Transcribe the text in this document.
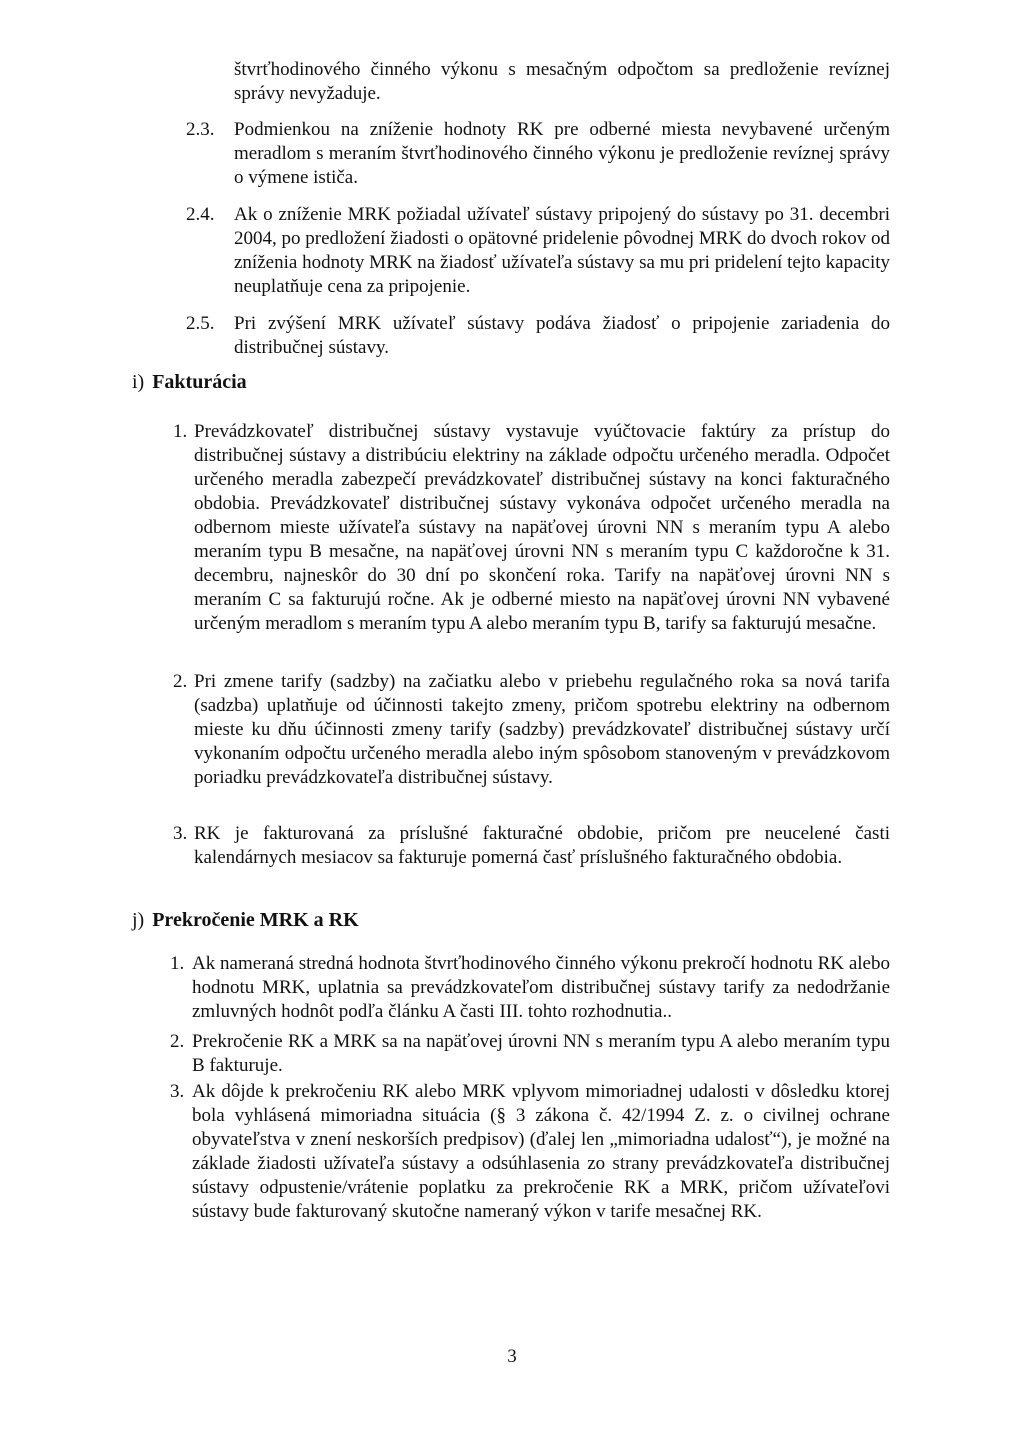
štvrťhodinového činného výkonu s mesačným odpočtom sa predloženie revíznej správy nevyžaduje.
2.3. Podmienkou na zníženie hodnoty RK pre odberné miesta nevybavené určeným meradlom s meraním štvrťhodinového činného výkonu je predloženie revíznej správy o výmene ističa.
2.4. Ak o zníženie MRK požiadal užívateľ sústavy pripojený do sústavy po 31. decembri 2004, po predložení žiadosti o opätovné pridelenie pôvodnej MRK do dvoch rokov od zníženia hodnoty MRK na žiadosť užívateľa sústavy sa mu pri pridelení tejto kapacity neuplatňuje cena za pripojenie.
2.5. Pri zvýšení MRK užívateľ sústavy podáva žiadosť o pripojenie zariadenia do distribučnej sústavy.
i) Fakturácia
1. Prevádzkovateľ distribučnej sústavy vystavuje vyúčtovacie faktúry za prístup do distribučnej sústavy a distribúciu elektriny na základe odpočtu určeného meradla. Odpočet určeného meradla zabezpečí prevádzkovateľ distribučnej sústavy na konci fakturačného obdobia. Prevádzkovateľ distribučnej sústavy vykonáva odpočet určeného meradla na odbernom mieste užívateľa sústavy na napäťovej úrovni NN s meraním typu A alebo meraním typu B mesačne, na napäťovej úrovni NN s meraním typu C každoročne k 31. decembru, najneskôr do 30 dní po skončení roka. Tarify na napäťovej úrovni NN s meraním C sa fakturujú ročne. Ak je odberné miesto na napäťovej úrovni NN vybavené určeným meradlom s meraním typu A alebo meraním typu B, tarify sa fakturujú mesačne.
2. Pri zmene tarify (sadzby) na začiatku alebo v priebehu regulačného roka sa nová tarifa (sadzba) uplatňuje od účinnosti takejto zmeny, pričom spotrebu elektriny na odbernom mieste ku dňu účinnosti zmeny tarify (sadzby) prevádzkovateľ distribučnej sústavy určí vykonaním odpočtu určeného meradla alebo iným spôsobom stanoveným v prevádzkovom poriadku prevádzkovateľa distribučnej sústavy.
3. RK je fakturovaná za príslušné fakturačné obdobie, pričom pre neucelené časti kalendárnych mesiacov sa fakturuje pomerná časť príslušného fakturačného obdobia.
j) Prekročenie MRK a RK
1. Ak nameraná stredná hodnota štvrťhodinového činného výkonu prekročí hodnotu RK alebo hodnotu MRK, uplatnia sa prevádzkovateľom distribučnej sústavy tarify za nedodržanie zmluvných hodnôt podľa článku A časti III. tohto rozhodnutia..
2. Prekročenie RK a MRK sa na napäťovej úrovni NN s meraním typu A alebo meraním typu B fakturuje.
3. Ak dôjde k prekročeniu RK alebo MRK vplyvom mimoriadnej udalosti v dôsledku ktorej bola vyhlásená mimoriadna situácia (§ 3 zákona č. 42/1994 Z. z. o civilnej ochrane obyvateľstva v znení neskorších predpisov) (ďalej len „mimoriadna udalosť“), je možné na základe žiadosti užívateľa sústavy a odsúhlasenia zo strany prevádzkovateľa distribučnej sústavy odpustenie/vrátenie poplatku za prekročenie RK a MRK, pričom užívateľovi sústavy bude fakturovaný skutočne nameraný výkon v tarife mesačnej RK.
3
